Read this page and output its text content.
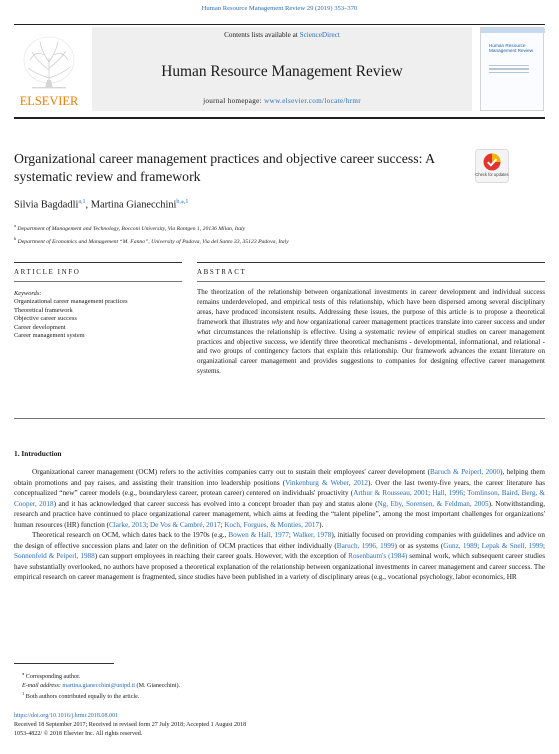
Human Resource Management Review 29 (2019) 353–370
ELSEVIER
Contents lists available at ScienceDirect
Human Resource Management Review
journal homepage: www.elsevier.com/locate/hrmr
Human Resource Management Review
Organizational career management practices and objective career success: A systematic review and framework	Check for updates
Silvia Bagdadli$^{a,1}$, Martina Gianecchini$^{b,⁎,1}$
$^a$ Department of Management and Technology, Bocconi University, Via Rontgen 1, 20136 Milan, Italy
$^b$ Department of Economics and Management “M. Fanno”, University of Padova, Via del Santo 33, 35123 Padova, Italy
ARTICLE INFO	ABSTRACT
Keywords:
Organizational career management practices
Theoretical framework
Objective career success
Career development
Career management system
The theorization of the relationship between organizational investments in career development and individual success remains underdeveloped, and empirical tests of this relationship, which have been dispersed among several disciplinary areas, have produced inconsistent results. Addressing these issues, the purpose of this article is to propose a theoretical framework that illustrates why and how organizational career management practices translate into career success and under what circumstances the relationship is effective. Using a systematic review of empirical studies on career management practices and objective success, we identify three theoretical mechanisms - developmental, informational, and relational - and two groups of contingency factors that explain this relationship. Our framework advances the extant literature on organizational career management and provides suggestions to companies for designing effective career management systems.
1. Introduction

Organizational career management (OCM) refers to the activities companies carry out to sustain their employees' career development (Baruch & Peiperl, 2000), helping them obtain promotions and pay raises, and assisting their transition into leadership positions (Vinkenburg & Weber, 2012). Over the last twenty-five years, the career literature has conceptualized “new” career models (e.g., boundaryless career, protean career) centered on individuals' proactivity (Arthur & Rousseau, 2001; Hall, 1996; Tomlinson, Baird, Berg, & Cooper, 2018) and it has acknowledged that career success has evolved into a concept broader than pay and status alone (Ng, Eby, Sorensen, & Feldman, 2005). Notwithstanding, research and practice have continued to place organizational career management, which aims at feeding the “talent pipeline”, among the most important challenges for organizations' human resources (HR) function (Clarke, 2013; De Vos & Cambré, 2017; Koch, Forgues, & Monties, 2017).

Theoretical research on OCM, which dates back to the 1970s (e.g., Bowen & Hall, 1977; Walker, 1978), initially focused on providing companies with guidelines and advice on the design of effective succession plans and later on the definition of OCM practices that either individually (Baruch, 1996, 1999) or as systems (Gunz, 1989; Lepak & Snell, 1999; Sonnenfeld & Peiperl, 1988) can support employees in reaching their career goals. However, with the exception of Rosenbaum's (1984) seminal work, which subsequent career studies have substantially overlooked, no authors have proposed a theoretical explanation of the relationship between organizational investments in career management and career success. The empirical research on career management is fragmented, since studies have been published in a variety of disciplinary areas (e.g., vocational psychology, labor economics, HR

⁎ Corresponding author.
E-mail address: martina.gianecchini@unipd.it (M. Gianecchini).
$^1$ Both authors contributed equally to the article.
https://doi.org/10.1016/j.hrmr.2018.08.001
Received 18 September 2017; Received in revised form 27 July 2018; Accepted 1 August 2018
1053-4822/ © 2018 Elsevier Inc. All rights reserved.
